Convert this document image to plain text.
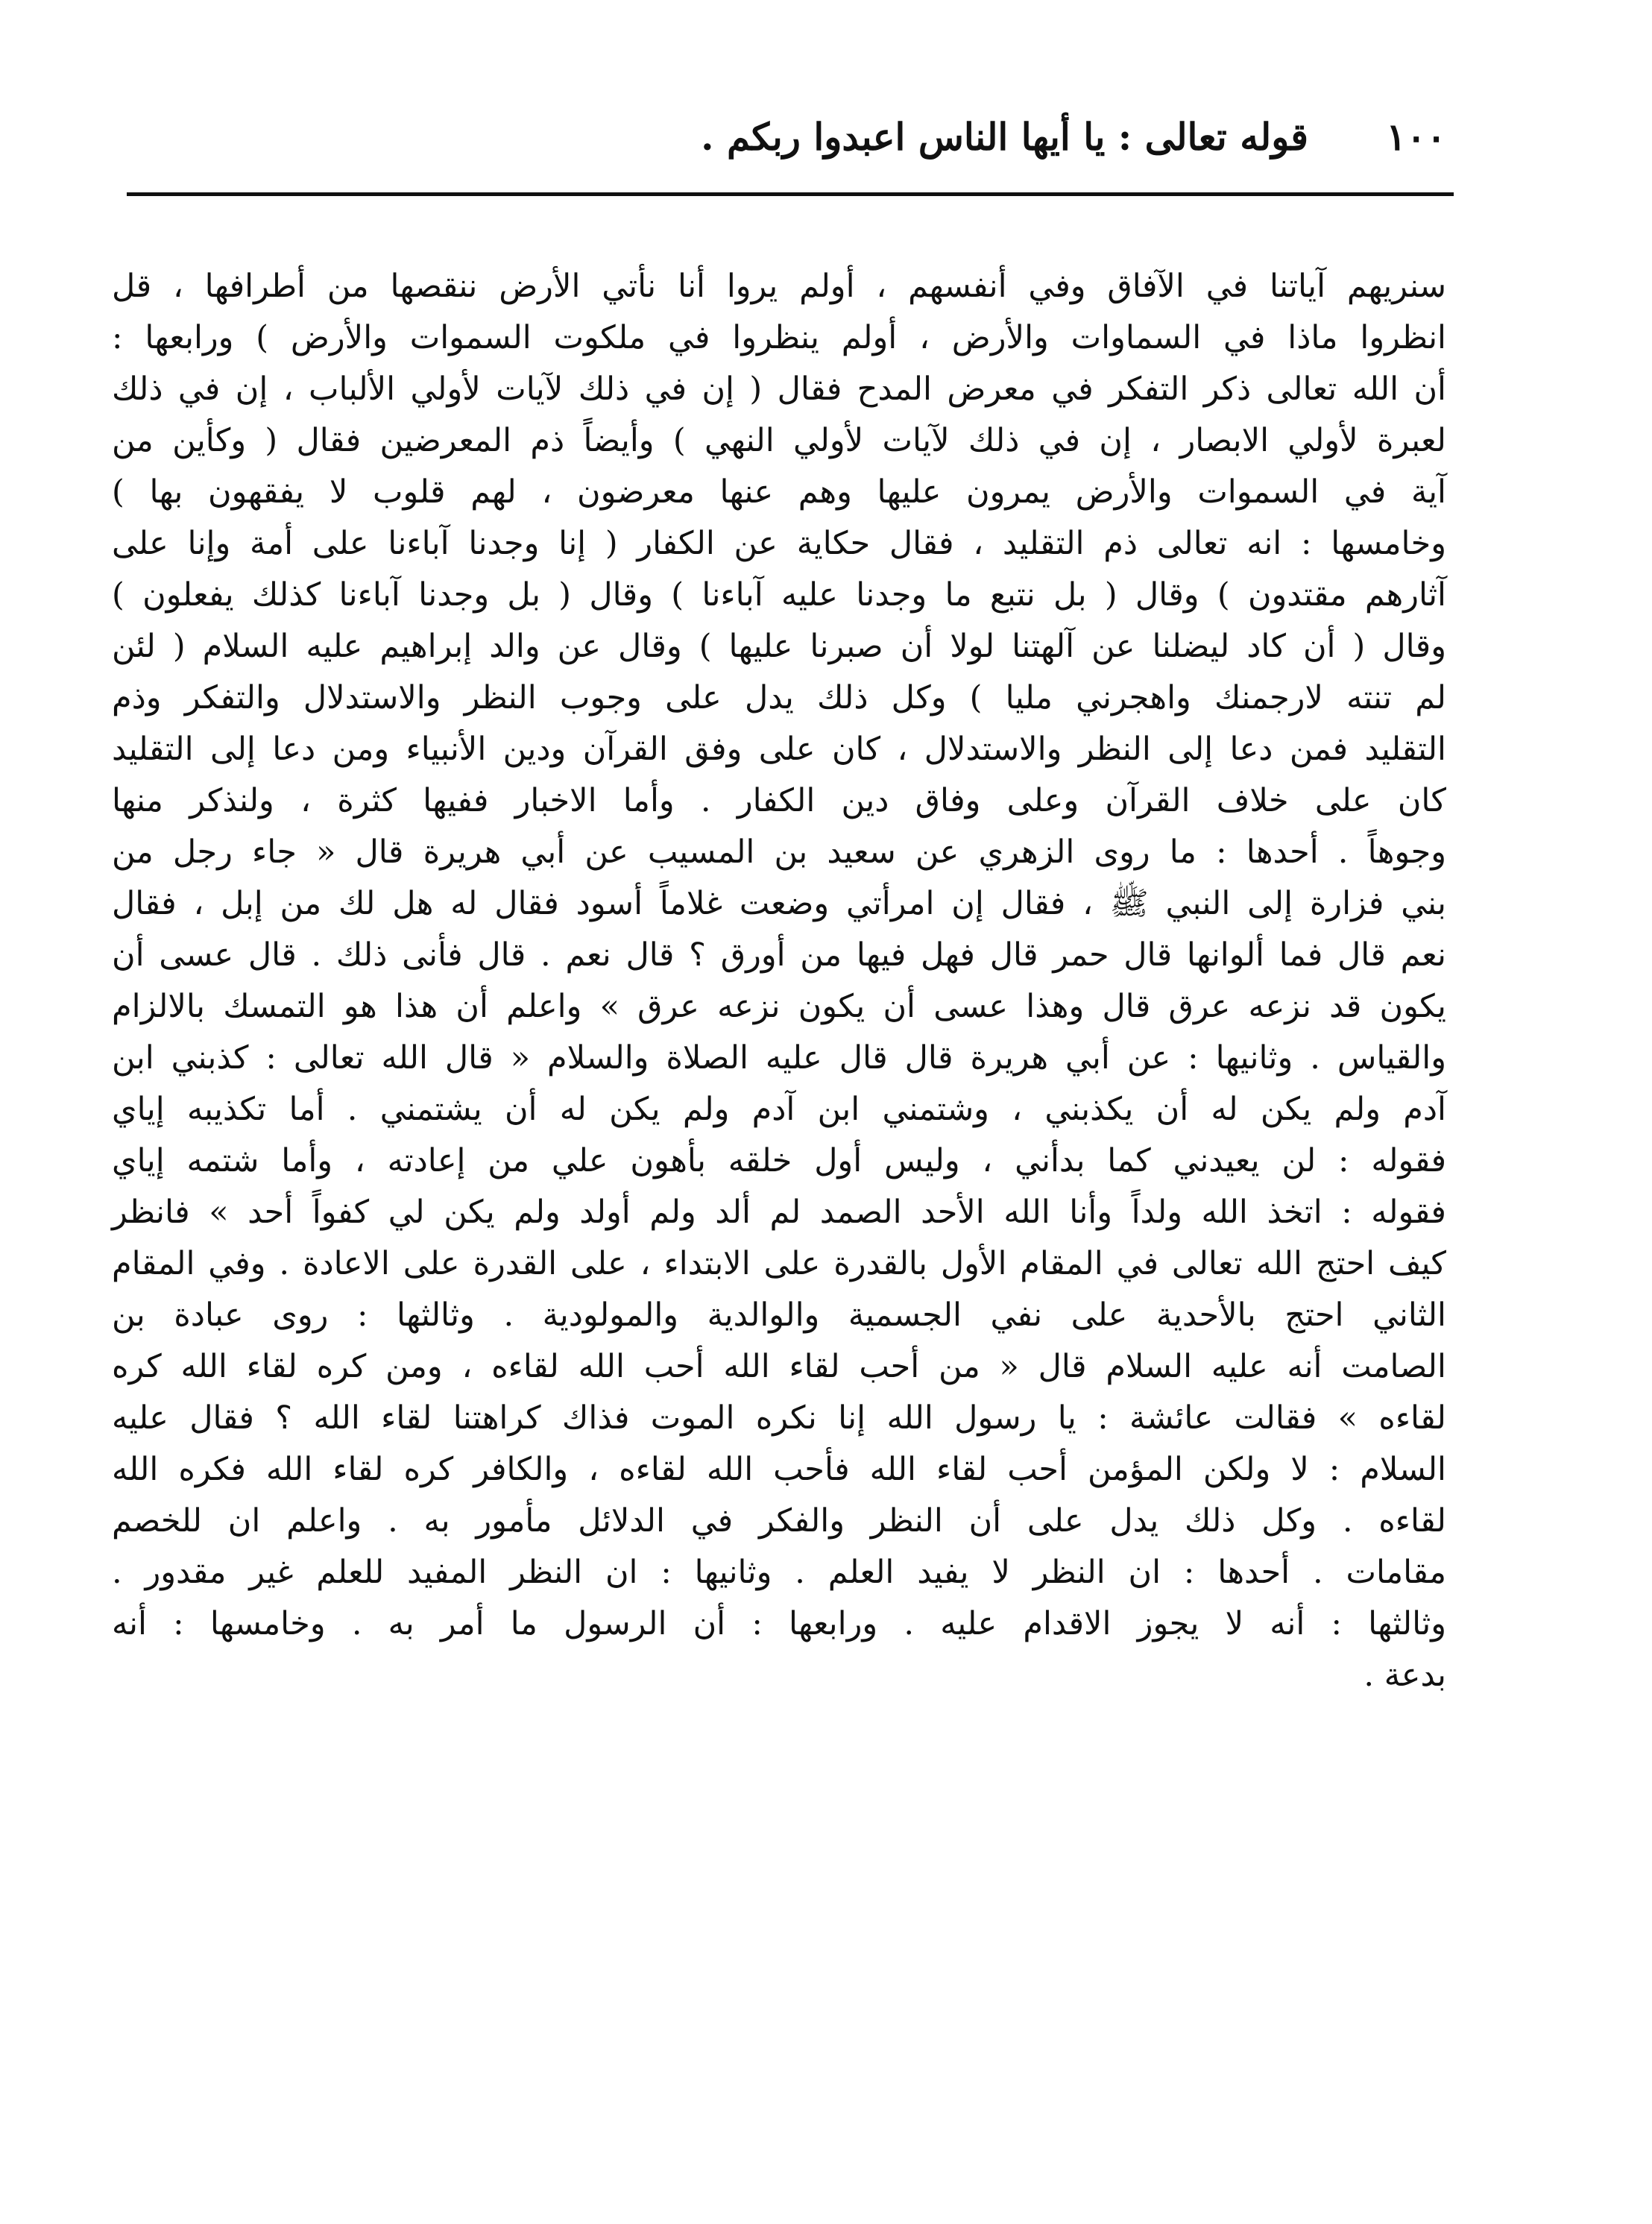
١٠٠
قوله تعالى : يا أيها الناس اعبدوا ربكم .
سنريهم آياتنا في الآفاق وفي أنفسهم ، أولم يروا أنا نأتي الأرض ننقصها من أطرافها ، قل
انظروا ماذا في السماوات والأرض ، أولم ينظروا في ملكوت السموات والأرض ) ورابعها :
أن الله تعالى ذكر التفكر في معرض المدح فقال ( إن في ذلك لآيات لأولي الألباب ، إن في ذلك
لعبرة لأولي الابصار ، إن في ذلك لآيات لأولي النهي ) وأيضاً ذم المعرضين فقال ( وكأين من
آية في السموات والأرض يمرون عليها وهم عنها معرضون ، لهم قلوب لا يفقهون بها )
وخامسها : انه تعالى ذم التقليد ، فقال حكاية عن الكفار ( إنا وجدنا آباءنا على أمة وإنا على
آثارهم مقتدون ) وقال ( بل نتبع ما وجدنا عليه آباءنا ) وقال ( بل وجدنا آباءنا كذلك يفعلون )
وقال ( أن كاد ليضلنا عن آلهتنا لولا أن صبرنا عليها ) وقال عن والد إبراهيم عليه السلام ( لئن
لم تنته لارجمنك واهجرني مليا ) وكل ذلك يدل على وجوب النظر والاستدلال والتفكر وذم
التقليد فمن دعا إلى النظر والاستدلال ، كان على وفق القرآن ودين الأنبياء ومن دعا إلى التقليد
كان على خلاف القرآن وعلى وفاق دين الكفار . وأما الاخبار ففيها كثرة ، ولنذكر منها
وجوهاً . أحدها : ما روى الزهري عن سعيد بن المسيب عن أبي هريرة قال « جاء رجل من
بني فزارة إلى النبي ﷺ ، فقال إن امرأتي وضعت غلاماً أسود فقال له هل لك من إبل ، فقال
نعم قال فما ألوانها قال حمر قال فهل فيها من أورق ؟ قال نعم . قال فأنى ذلك . قال عسى أن
يكون قد نزعه عرق قال وهذا عسى أن يكون نزعه عرق » واعلم أن هذا هو التمسك بالالزام
والقياس . وثانيها : عن أبي هريرة قال قال عليه الصلاة والسلام « قال الله تعالى : كذبني ابن
آدم ولم يكن له أن يكذبني ، وشتمني ابن آدم ولم يكن له أن يشتمني . أما تكذيبه إياي
فقوله : لن يعيدني كما بدأني ، وليس أول خلقه بأهون علي من إعادته ، وأما شتمه إياي
فقوله : اتخذ الله ولداً وأنا الله الأحد الصمد لم ألد ولم أولد ولم يكن لي كفواً أحد » فانظر
كيف احتج الله تعالى في المقام الأول بالقدرة على الابتداء ، على القدرة على الاعادة . وفي المقام
الثاني احتج بالأحدية على نفي الجسمية والوالدية والمولودية . وثالثها : روى عبادة بن
الصامت أنه عليه السلام قال « من أحب لقاء الله أحب الله لقاءه ، ومن كره لقاء الله كره
لقاءه » فقالت عائشة : يا رسول الله إنا نكره الموت فذاك كراهتنا لقاء الله ؟ فقال عليه
السلام : لا ولكن المؤمن أحب لقاء الله فأحب الله لقاءه ، والكافر كره لقاء الله فكره الله
لقاءه . وكل ذلك يدل على أن النظر والفكر في الدلائل مأمور به . واعلم ان للخصم
مقامات . أحدها : ان النظر لا يفيد العلم . وثانيها : ان النظر المفيد للعلم غير مقدور .
وثالثها : أنه لا يجوز الاقدام عليه . ورابعها : أن الرسول ما أمر به . وخامسها : أنه
بدعة .
